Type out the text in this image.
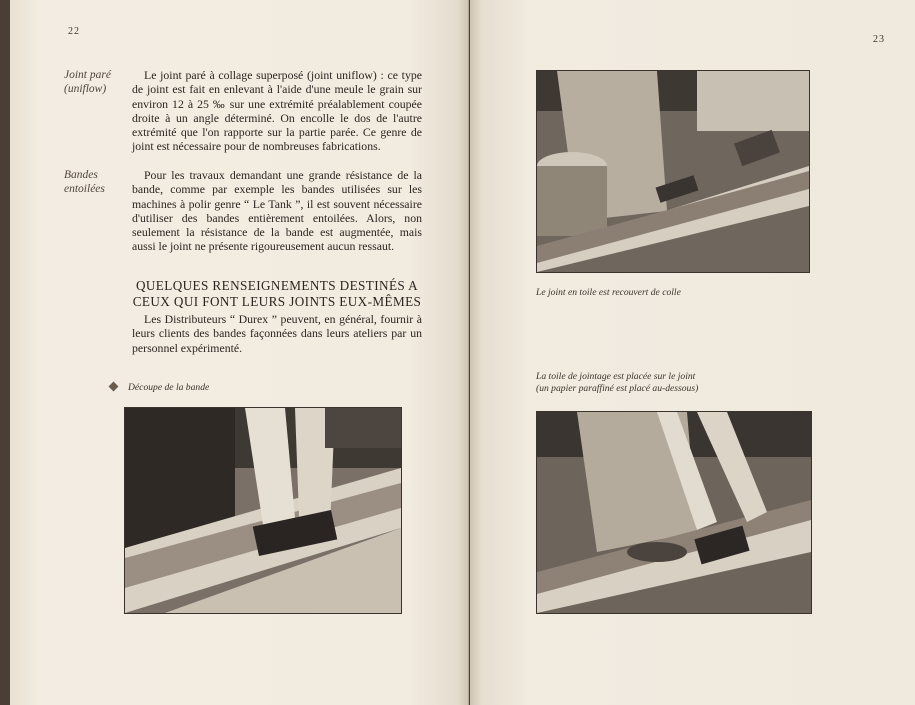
22
Joint paré
(uniflow)

Le joint paré à collage superposé (joint uniflow) : ce type de joint est fait en enlevant à l'aide d'une meule le grain sur environ 12 à 25 ‰ sur une extrémité préalablement coupée droite à un angle déterminé. On encolle le dos de l'autre extrémité que l'on rapporte sur la partie parée. Ce genre de joint est nécessaire pour de nombreuses fabrications.

Bandes
entoilées

Pour les travaux demandant une grande résistance de la bande, comme par exemple les bandes utilisées sur les machines à polir genre “ Le Tank ”, il est souvent nécessaire d'utiliser des bandes entièrement entoilées. Alors, non seulement la résistance de la bande est augmentée, mais aussi le joint ne présente rigoureusement aucun ressaut.

QUELQUES RENSEIGNEMENTS DESTINÉS A CEUX QUI FONT LEURS JOINTS EUX-MÊMES

Les Distributeurs “ Durex ” peuvent, en général, fournir à leurs clients des bandes façonnées dans leurs ateliers par un personnel expérimenté.

Découpe de la bande

23

Le joint en toile est recouvert de colle

La toile de jointage est placée sur le joint
(un papier paraffiné est placé au-dessous)
